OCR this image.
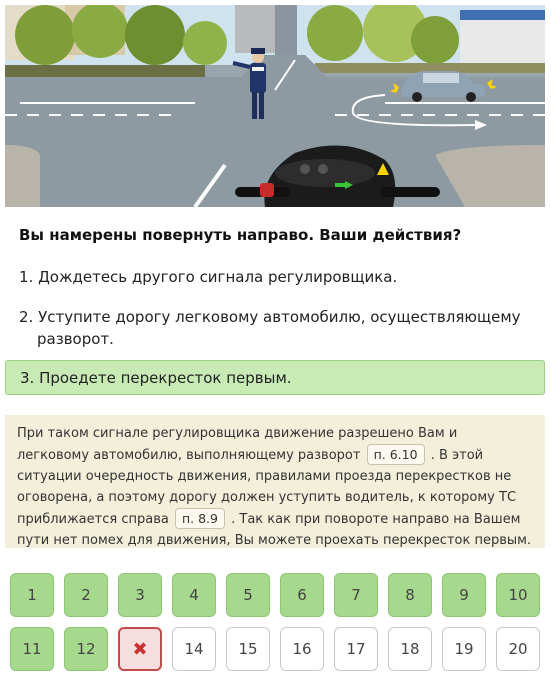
Вы намерены повернуть направо. Ваши действия?
1. Дождетесь другого сигнала регулировщика.
2. Уступите дорогу легковому автомобилю, осуществляющему
разворот.
3. Проедете перекресток первым.
При таком сигнале регулировщика движение разрешено Вам и легковому автомобилю, выполняющему разворот п. 6.10 . В этой ситуации очередность движения, правилами проезда перекрестков не оговорена, а поэтому дорогу должен уступить водитель, к которому ТС приближается справа п. 8.9 . Так как при повороте направо на Вашем пути нет помех для движения, Вы можете проехать перекресток первым.
1	2	3	4	5	6	7	8	9	10
11	12	✖	14	15	16	17	18	19	20
